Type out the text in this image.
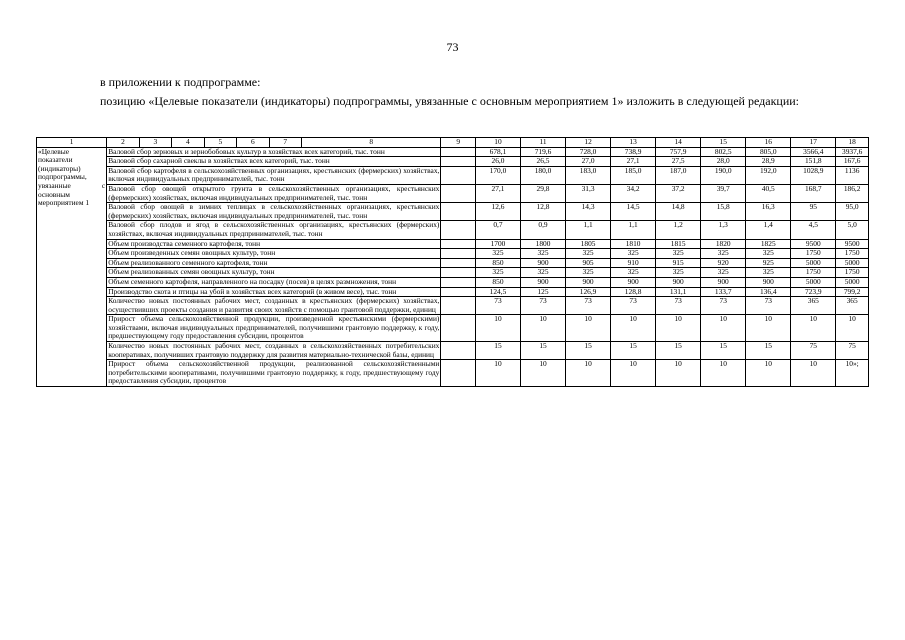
73
в приложении к подпрограмме:
позицию «Целевые показатели (индикаторы) подпрограммы, увязанные с основным мероприятием 1» изложить в следующей редакции:
1	2	3	4	5	6	7	8	9	10	11	12	13	14	15	16	17	18
«Целевые показатели (индикаторы) подпрограммы, увязанные с основным мероприятием 1	Валовой сбор зерновых и зернобобовых культур в хозяйствах всех категорий, тыс. тонн								678,1	719,6	728,0	738,9	757,9	802,5	805,0	3566,4	3937,6
	Валовой сбор сахарной свеклы в хозяйствах всех категорий, тыс. тонн								26,0	26,5	27,0	27,1	27,5	28,0	28,9	151,8	167,6
	Валовой сбор картофеля в сельскохозяйственных организациях, крестьянских (фермерских) хозяйствах, включая индивидуальных предпринимателей, тыс. тонн								170,0	180,0	183,0	185,0	187,0	190,0	192,0	1028,9	1136
	Валовой сбор овощей открытого грунта в сельскохозяйственных организациях, крестьянских (фермерских) хозяйствах, включая индивидуальных предпринимателей, тыс. тонн								27,1	29,8	31,3	34,2	37,2	39,7	40,5	168,7	186,2
	Валовой сбор овощей в зимних теплицах в сельскохозяйственных организациях, крестьянских (фермерских) хозяйствах, включая индивидуальных предпринимателей, тыс. тонн								12,6	12,8	14,3	14,5	14,8	15,8	16,3	95	95,0
	Валовой сбор плодов и ягод в сельскохозяйственных организациях, крестьянских (фермерских) хозяйствах, включая индивидуальных предпринимателей, тыс. тонн								0,7	0,9	1,1	1,1	1,2	1,3	1,4	4,5	5,0
	Объем производства семенного картофеля, тонн								1700	1800	1805	1810	1815	1820	1825	9500	9500
	Объем произведенных семян овощных культур, тонн								325	325	325	325	325	325	325	1750	1750
	Объем реализованного семенного картофеля, тонн								850	900	905	910	915	920	925	5000	5000
	Объем реализованных семян овощных культур, тонн								325	325	325	325	325	325	325	1750	1750
	Объем семенного картофеля, направленного на посадку (посев) в целях размножения, тонн								850	900	900	900	900	900	900	5000	5000
	Производство скота и птицы на убой в хозяйствах всех категорий (в живом весе), тыс. тонн								124,5	125	126,9	128,8	131,1	133,7	136,4	723,9	799,2
	Количество новых постоянных рабочих мест, созданных в крестьянских (фермерских) хозяйствах, осуществивших проекты создания и развития своих хозяйств с помощью грантовой поддержки, единиц								73	73	73	73	73	73	73	365	365
	Прирост объема сельскохозяйственной продукции, произведенной крестьянскими (фермерскими) хозяйствами, включая индивидуальных предпринимателей, получившими грантовую поддержку, к году, предшествующему году предоставления субсидии, процентов								10	10	10	10	10	10	10	10	10
	Количество новых постоянных рабочих мест, созданных в сельскохозяйственных потребительских кооперативах, получивших грантовую поддержку для развития материально-технической базы, единиц								15	15	15	15	15	15	15	75	75
	Прирост объема сельскохозяйственной продукции, реализованной сельскохозяйственными потребительскими кооперативами, получившими грантовую поддержку, к году, предшествующему году предоставления субсидии, процентов								10	10	10	10	10	10	10	10	10»;
